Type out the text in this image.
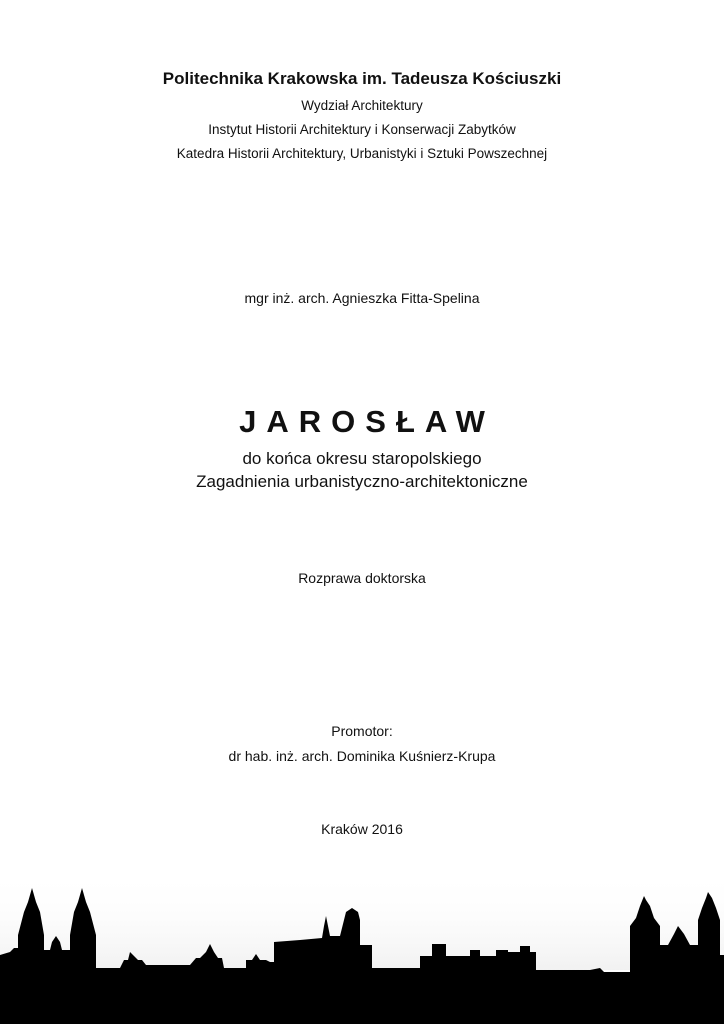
Politechnika Krakowska im. Tadeusza Kościuszki
Wydział Architektury
Instytut Historii Architektury i Konserwacji Zabytków
Katedra Historii Architektury, Urbanistyki i Sztuki Powszechnej
mgr inż. arch. Agnieszka Fitta-Spelina
JAROSŁAW
do końca okresu staropolskiego
Zagadnienia urbanistyczno-architektoniczne
Rozprawa doktorska
Promotor:
dr hab. inż. arch. Dominika Kuśnierz-Krupa
Kraków 2016
